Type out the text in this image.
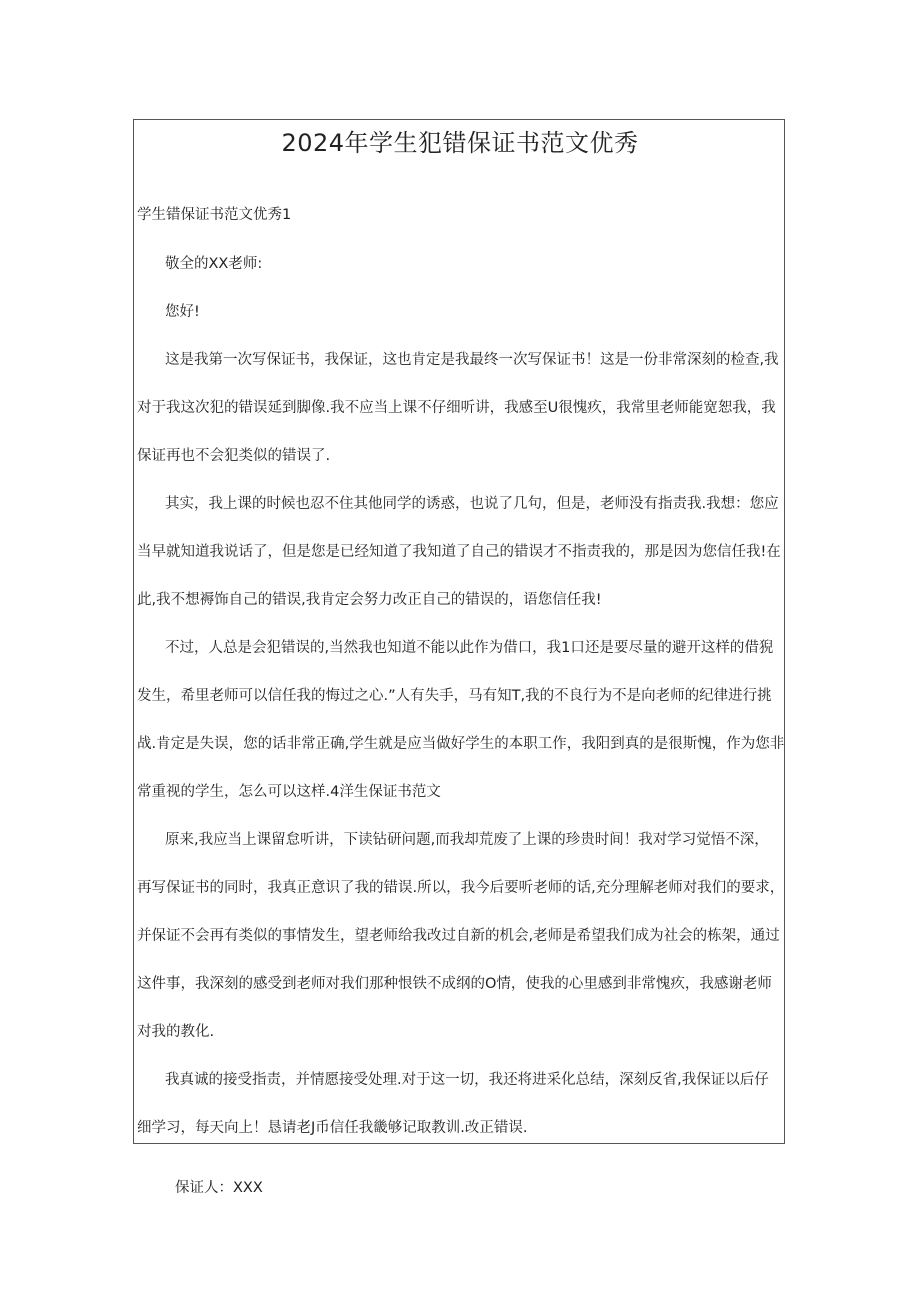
2024年学生犯错保证书范文优秀
学生错保证书范文优秀1
敬全的XX老师:
您好!
这是我第一次写保证书，我保证，这也肯定是我最终一次写保证书！这是一份非常深刻的检查,我
对于我这次犯的错误延到脚像.我不应当上课不仔细听讲，我感至U很愧疚，我常里老师能宽恕我，我
保证再也不会犯类似的错误了.
其实，我上课的时候也忍不住其他同学的诱惑，也说了几句，但是，老师没有指责我.我想：您应
当早就知道我说话了，但是您是已经知道了我知道了自己的错误才不指责我的，那是因为您信任我!在
此,我不想褥饰自己的错误,我肯定会努力改正自己的错误的，语您信任我!
不过，人总是会犯错误的,当然我也知道不能以此作为借口，我1口还是要尽量的避开这样的借猊
发生，希里老师可以信任我的悔过之心.”人有失手，马有知T,我的不良行为不是向老师的纪律进行挑
战.肯定是失误，您的话非常正确,学生就是应当做好学生的本职工作，我阳到真的是很斯愧，作为您非
常重视的学生，怎么可以这样.4洋生保证书范文
原来,我应当上课留怠听讲，下读钻研问题,而我却荒废了上课的珍贵时间！我对学习觉悟不深，
再写保证书的同时，我真正意识了我的错误.所以，我今后要听老师的话,充分理解老师对我们的要求，
并保证不会再有类似的事情发生，望老师给我改过自新的机会,老师是希望我们成为社会的栋架，通过
这件事，我深刻的感受到老师对我们那种恨铁不成纲的O情，使我的心里感到非常愧疚，我感谢老师
对我的教化.
我真诚的接受指责，并情愿接受处理.对于这一切，我还将进采化总结，深刻反省,我保证以后仔
细学习，每天向上！恳请老J币信任我畿够记取教训.改正错误.
保证人：XXX
